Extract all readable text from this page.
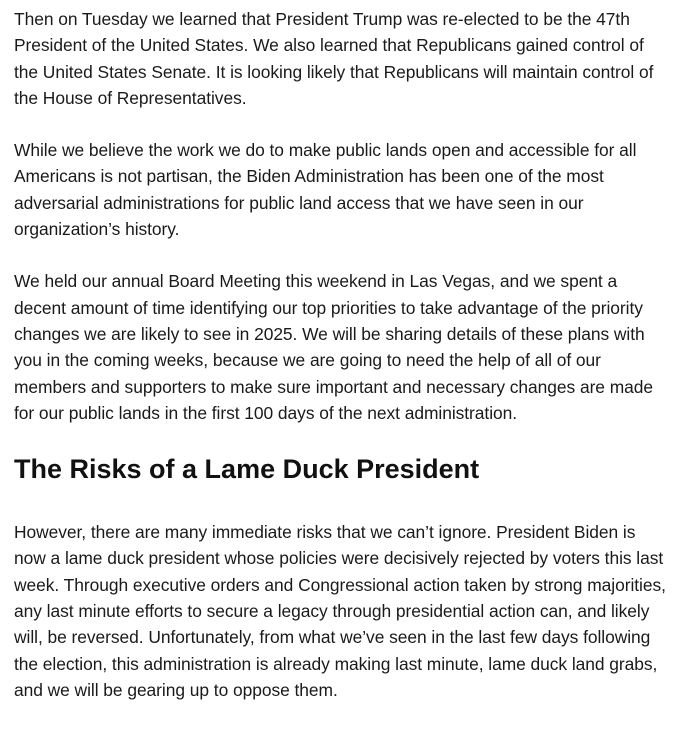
Then on Tuesday we learned that President Trump was re-elected to be the 47th
President of the United States. We also learned that Republicans gained control of
the United States Senate. It is looking likely that Republicans will maintain control of
the House of Representatives.

While we believe the work we do to make public lands open and accessible for all
Americans is not partisan, the Biden Administration has been one of the most
adversarial administrations for public land access that we have seen in our
organization’s history.

We held our annual Board Meeting this weekend in Las Vegas, and we spent a
decent amount of time identifying our top priorities to take advantage of the priority
changes we are likely to see in 2025. We will be sharing details of these plans with
you in the coming weeks, because we are going to need the help of all of our
members and supporters to make sure important and necessary changes are made
for our public lands in the first 100 days of the next administration.

The Risks of a Lame Duck President

However, there are many immediate risks that we can’t ignore. President Biden is
now a lame duck president whose policies were decisively rejected by voters this last
week. Through executive orders and Congressional action taken by strong majorities,
any last minute efforts to secure a legacy through presidential action can, and likely
will, be reversed. Unfortunately, from what we’ve seen in the last few days following
the election, this administration is already making last minute, lame duck land grabs,
and we will be gearing up to oppose them.
